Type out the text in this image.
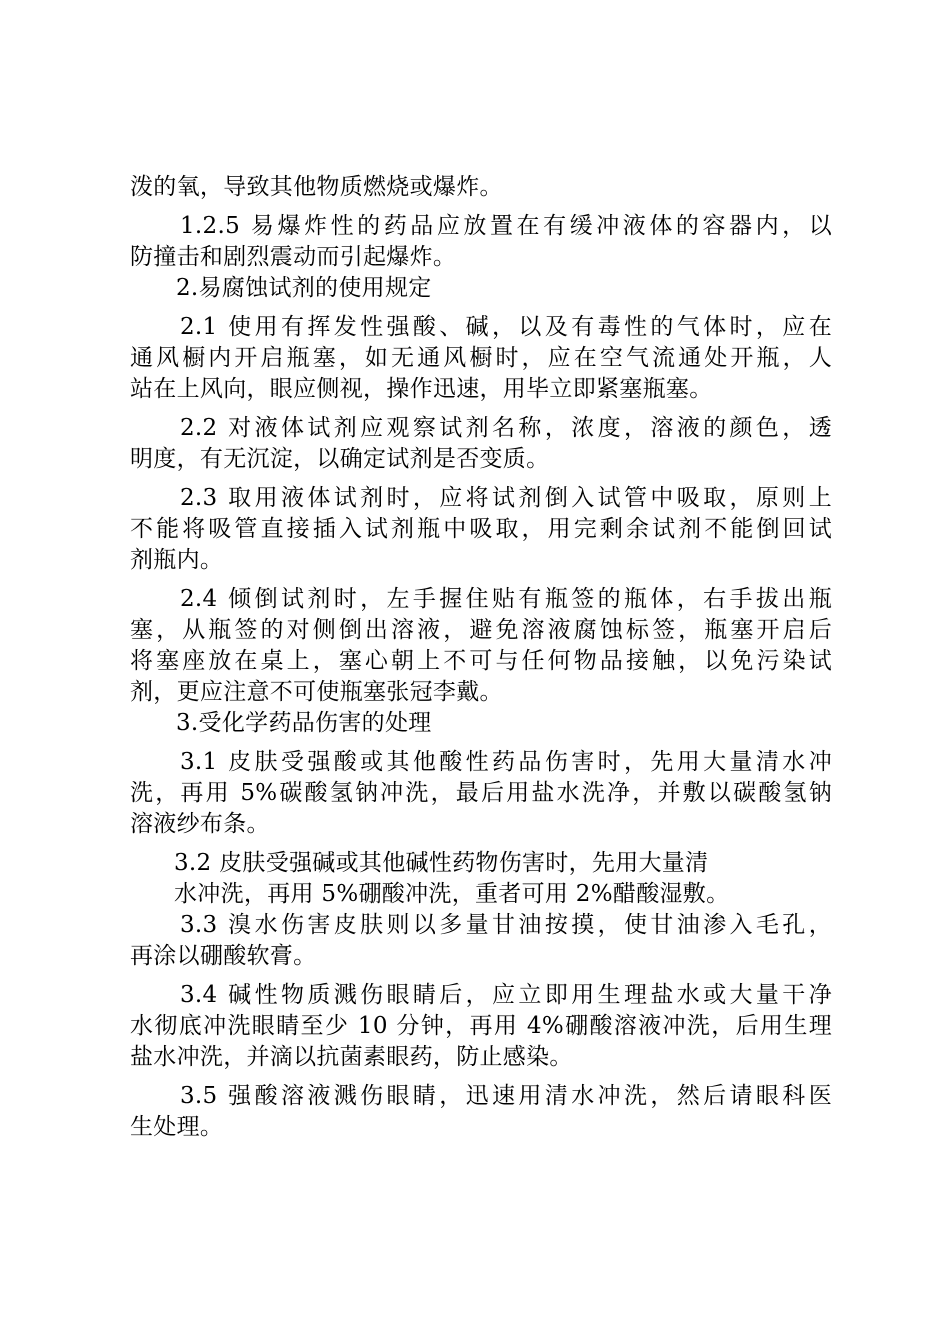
泼的氧，导致其他物质燃烧或爆炸。
1.2.5 易爆炸性的药品应放置在有缓冲液体的容器内，以
防撞击和剧烈震动而引起爆炸。
2.易腐蚀试剂的使用规定
2.1 使用有挥发性强酸、碱，以及有毒性的气体时，应在
通风橱内开启瓶塞，如无通风橱时，应在空气流通处开瓶，人
站在上风向，眼应侧视，操作迅速，用毕立即紧塞瓶塞。
2.2 对液体试剂应观察试剂名称，浓度，溶液的颜色，透
明度，有无沉淀，以确定试剂是否变质。
2.3 取用液体试剂时，应将试剂倒入试管中吸取，原则上
不能将吸管直接插入试剂瓶中吸取，用完剩余试剂不能倒回试
剂瓶内。
2.4 倾倒试剂时，左手握住贴有瓶签的瓶体，右手拔出瓶
塞，从瓶签的对侧倒出溶液，避免溶液腐蚀标签，瓶塞开启后
将塞座放在桌上，塞心朝上不可与任何物品接触，以免污染试
剂，更应注意不可使瓶塞张冠李戴。
3.受化学药品伤害的处理
3.1 皮肤受强酸或其他酸性药品伤害时，先用大量清水冲
洗，再用 5%碳酸氢钠冲洗，最后用盐水洗净，并敷以碳酸氢钠
溶液纱布条。
3.2 皮肤受强碱或其他碱性药物伤害时，先用大量清
水冲洗，再用 5%硼酸冲洗，重者可用 2%醋酸湿敷。
3.3 溴水伤害皮肤则以多量甘油按摸，使甘油渗入毛孔，
再涂以硼酸软膏。
3.4 碱性物质溅伤眼睛后，应立即用生理盐水或大量干净
水彻底冲洗眼睛至少 10 分钟，再用 4%硼酸溶液冲洗，后用生理
盐水冲洗，并滴以抗菌素眼药，防止感染。
3.5 强酸溶液溅伤眼睛，迅速用清水冲洗，然后请眼科医
生处理。
